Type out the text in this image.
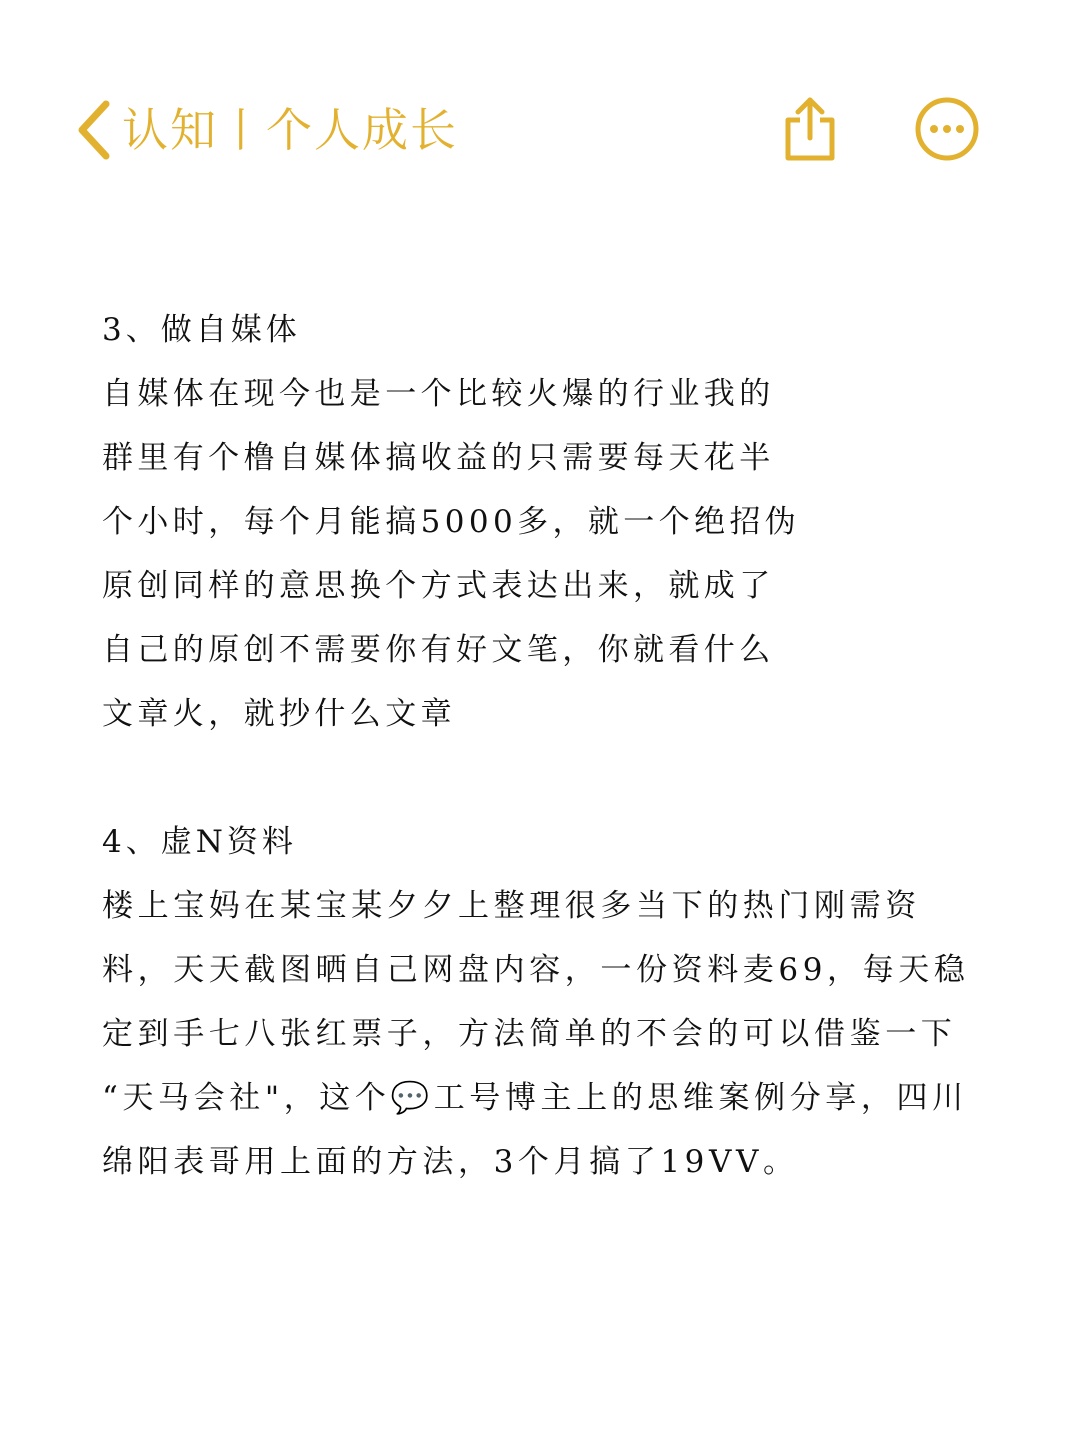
认知丨个人成长
3、做自媒体
自媒体在现今也是一个比较火爆的行业我的
群里有个橹自媒体搞收益的只需要每天花半
个小时，每个月能搞5000多，就一个绝招伪
原创同样的意思换个方式表达出来，就成了
自己的原创不需要你有好文笔，你就看什么
文章火，就抄什么文章
4、虚N资料
楼上宝妈在某宝某夕夕上整理很多当下的热门刚需资
料，天天截图晒自己网盘内容，一份资料麦69，每天稳
定到手七八张红票子，方法简单的不会的可以借鉴一下
“天马会社"，这个💬工号博主上的思维案例分享，四川
绵阳表哥用上面的方法，3个月搞了19VV。
